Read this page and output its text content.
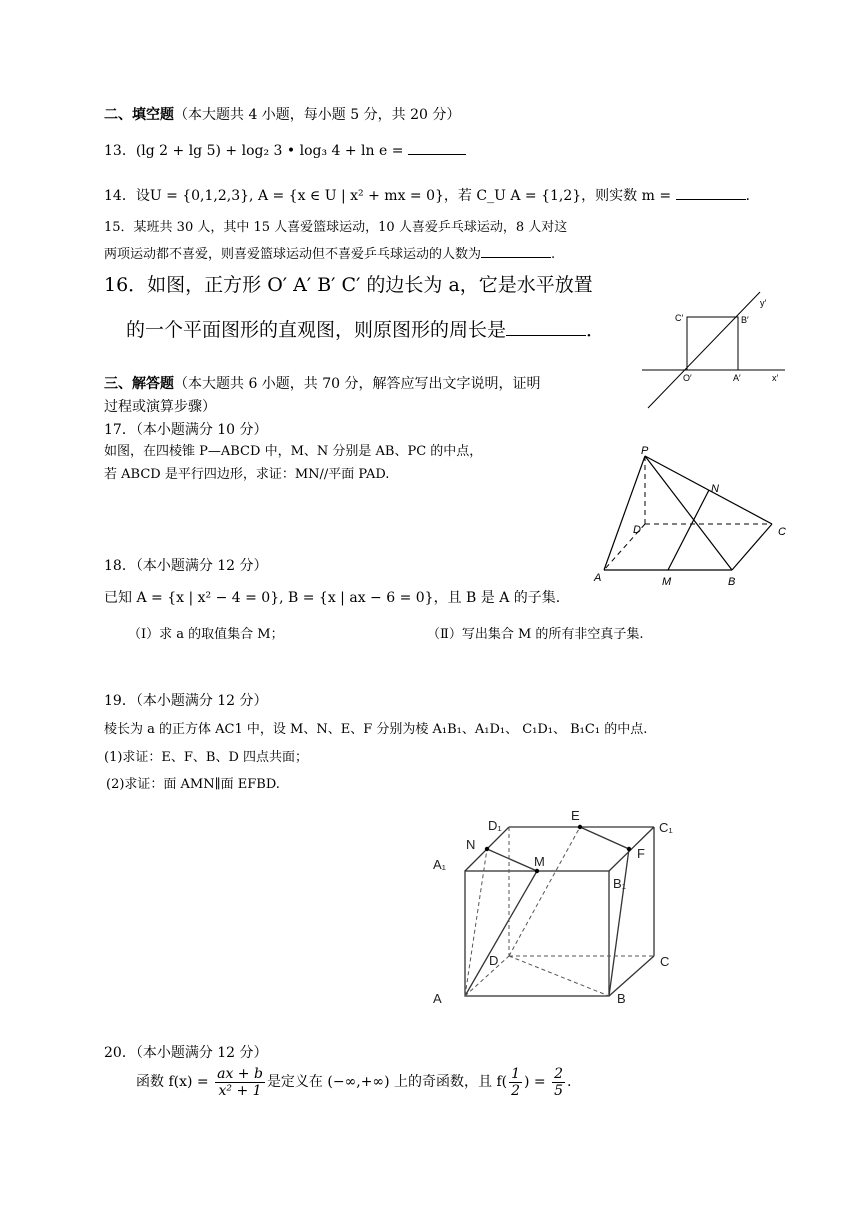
二、填空题（本大题共 4 小题，每小题 5 分，共 20 分）
13．(lg 2 + lg 5) + log₂ 3 • log₃ 4 + ln e =
14．设U = {0,1,2,3}, A = {x ∈ U | x² + mx = 0}，若 C_U A = {1,2}，则实数 m =	.
15．某班共 30 人，其中 15 人喜爱篮球运动，10 人喜爱乒乓球运动，8 人对这
两项运动都不喜爱，则喜爱篮球运动但不喜爱乒乓球运动的人数为	.
16．如图，正方形 O′ A′ B′ C′ 的边长为 a，它是水平放置
的一个平面图形的直观图，则原图形的周长是	．
C′	B′
O′	A′	x′
y′
三、解答题（本大题共 6 小题，共 70 分，解答应写出文字说明，证明
过程或演算步骤）
17．（本小题满分 10 分）
如图，在四棱锥 P—ABCD 中，M、N 分别是 AB、PC 的中点，
若 ABCD 是平行四边形，求证：MN//平面 PAD.
P
N
D	C
A	M	B
18．（本小题满分 12 分）
已知 A = {x | x² − 4 = 0}, B = {x | ax − 6 = 0}，且 B 是 A 的子集.
（Ⅰ）求 a 的取值集合 M；	（Ⅱ）写出集合 M 的所有非空真子集.
19．（本小题满分 12 分）
棱长为 a 的正方体 AC1 中，设 M、N、E、F 分别为棱 A₁B₁、A₁D₁、 C₁D₁、 B₁C₁ 的中点.
(1)求证：E、F、B、D 四点共面；
(2)求证：面 AMN∥面 EFBD.
D₁
E
C₁
N
M
F
A₁
B₁
D	C
A	B
20．（本小题满分 12 分）
函数 $f(x) = \frac{ax + b}{\text{x² + 1}}$ 是定义在 (−∞,+∞) 上的奇函数，且 $f( \frac{1}{2}$ ) = $\frac{2}{5}$ .
